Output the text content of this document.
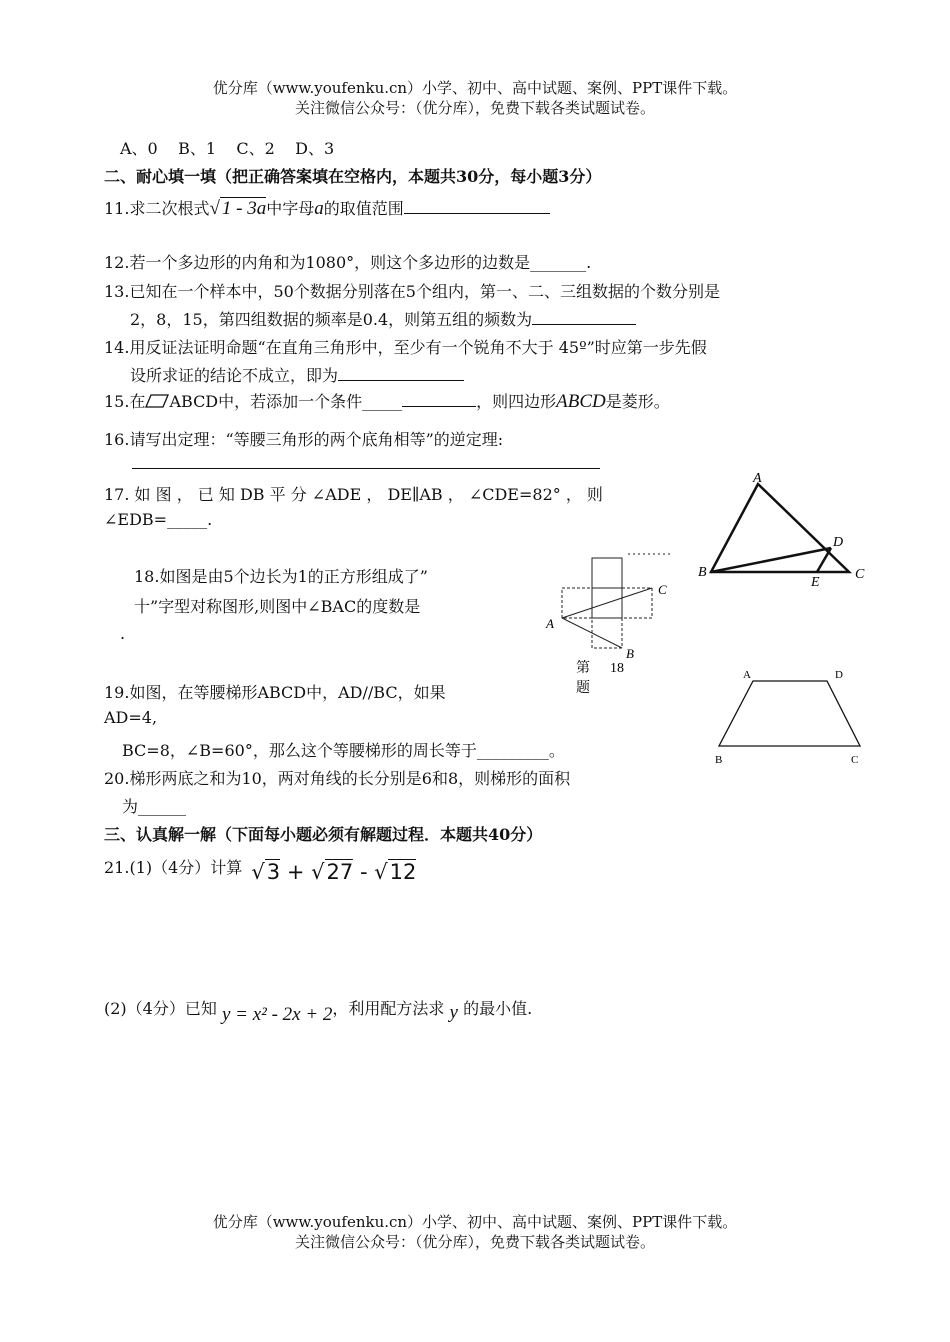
优分库（www.youfenku.cn）小学、初中、高中试题、案例、PPT课件下载。
关注微信公众号：（优分库），免费下载各类试题试卷。
A、0    B、1    C、2    D、3
二、耐心填一填（把正确答案填在空格内，本题共30分，每小题3分）
11.求二次根式√ 1 - 3a中字母a的取值范围
12.若一个多边形的内角和为1080°，则这个多边形的边数是_______.
13.已知在一个样本中，50个数据分别落在5个组内，第一、二、三组数据的个数分别是
2，8，15，第四组数据的频率是0.4，则第五组的频数为
14.用反证法证明命题“在直角三角形中，至少有一个锐角不大于 45º”时应第一步先假
设所求证的结论不成立，即为
15.在 ABCD中，若添加一个条件_____	，则四边形ABCD是菱形。
16.请写出定理：“等腰三角形的两个底角相等”的逆定理:
17. 如 图 ， 已 知 DB 平 分 ∠ADE ， DE∥AB ， ∠CDE=82° ， 则
∠EDB=_____.
A
B	C
D
E
18.如图是由5个边长为1的正方形组成了”
十”字型对称图形,则图中∠BAC的度数是
.
A
B
C
第 18
题
19.如图，在等腰梯形ABCD中，AD//BC，如果
AD=4,
BC=8，∠B=60°，那么这个等腰梯形的周长等于_________。
A	D
B	C
20.梯形两底之和为10，两对角线的长分别是6和8，则梯形的面积
为______
三、认真解一解（下面每小题必须有解题过程．本题共40分）
21.(1)（4分）计算 √3 + √27 - √12
(2)（4分）已知 y = x² - 2x + 2，利用配方法求 y 的最小值.
优分库（www.youfenku.cn）小学、初中、高中试题、案例、PPT课件下载。
关注微信公众号：（优分库），免费下载各类试题试卷。
